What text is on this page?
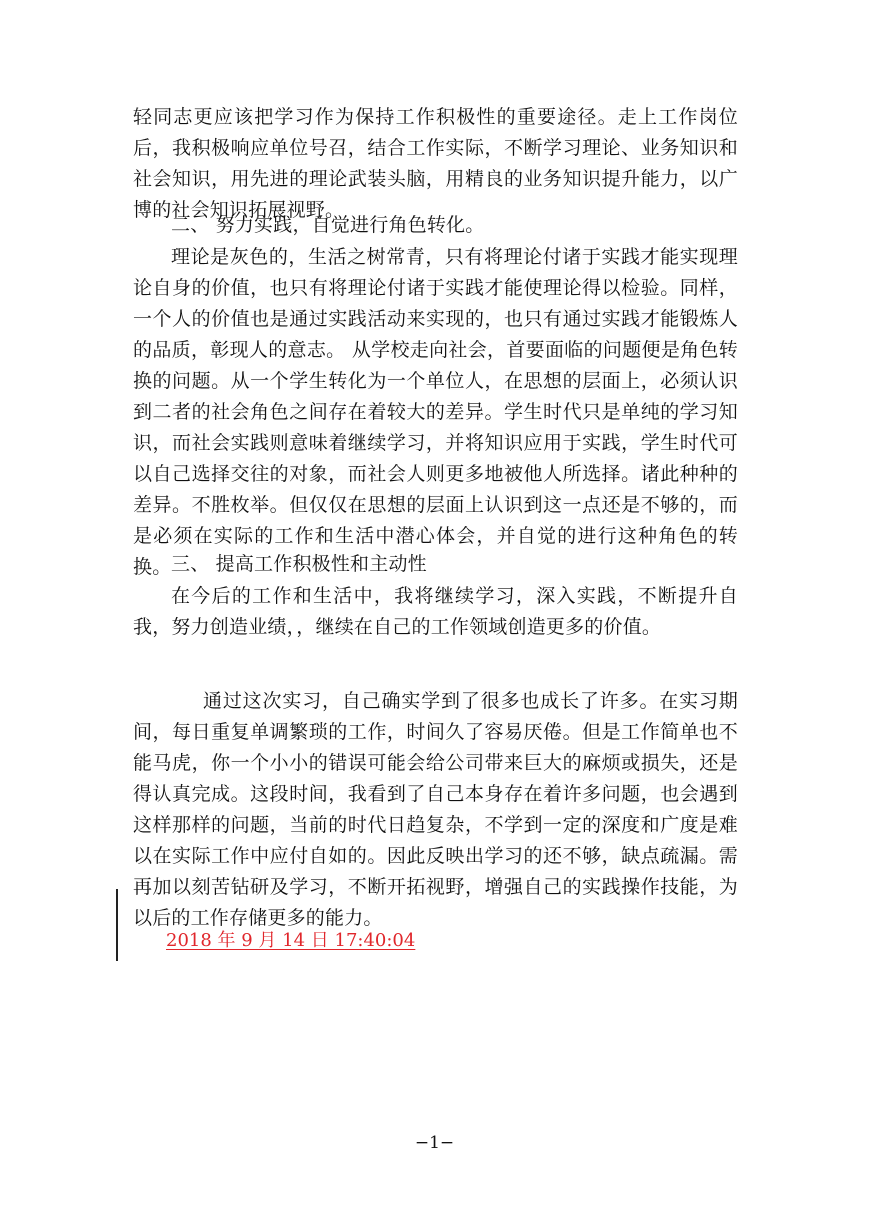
轻同志更应该把学习作为保持工作积极性的重要途径。走上工作岗位后，我积极响应单位号召，结合工作实际，不断学习理论、业务知识和社会知识，用先进的理论武装头脑，用精良的业务知识提升能力，以广博的社会知识拓展视野。
二、 努力实践，自觉进行角色转化。
理论是灰色的，生活之树常青，只有将理论付诸于实践才能实现理论自身的价值，也只有将理论付诸于实践才能使理论得以检验。同样，一个人的价值也是通过实践活动来实现的，也只有通过实践才能锻炼人的品质，彰现人的意志。 从学校走向社会，首要面临的问题便是角色转换的问题。从一个学生转化为一个单位人，在思想的层面上，必须认识到二者的社会角色之间存在着较大的差异。学生时代只是单纯的学习知识，而社会实践则意味着继续学习，并将知识应用于实践，学生时代可以自己选择交往的对象，而社会人则更多地被他人所选择。诸此种种的差异。不胜枚举。但仅仅在思想的层面上认识到这一点还是不够的，而是必须在实际的工作和生活中潜心体会，并自觉的进行这种角色的转换。 三、 提高工作积极性和主动性
在今后的工作和生活中，我将继续学习，深入实践，不断提升自我，努力创造业绩，，继续在自己的工作领域创造更多的价值。
通过这次实习，自己确实学到了很多也成长了许多。在实习期间，每日重复单调繁琐的工作，时间久了容易厌倦。但是工作简单也不能马虎，你一个小小的错误可能会给公司带来巨大的麻烦或损失，还是得认真完成。这段时间，我看到了自己本身存在着许多问题，也会遇到这样那样的问题，当前的时代日趋复杂，不学到一定的深度和广度是难以在实际工作中应付自如的。因此反映出学习的还不够，缺点疏漏。需再加以刻苦钻研及学习，不断开拓视野，增强自己的实践操作技能，为以后的工作存储更多的能力。
2018 年 9 月 14 日 17:40:04
−1−
